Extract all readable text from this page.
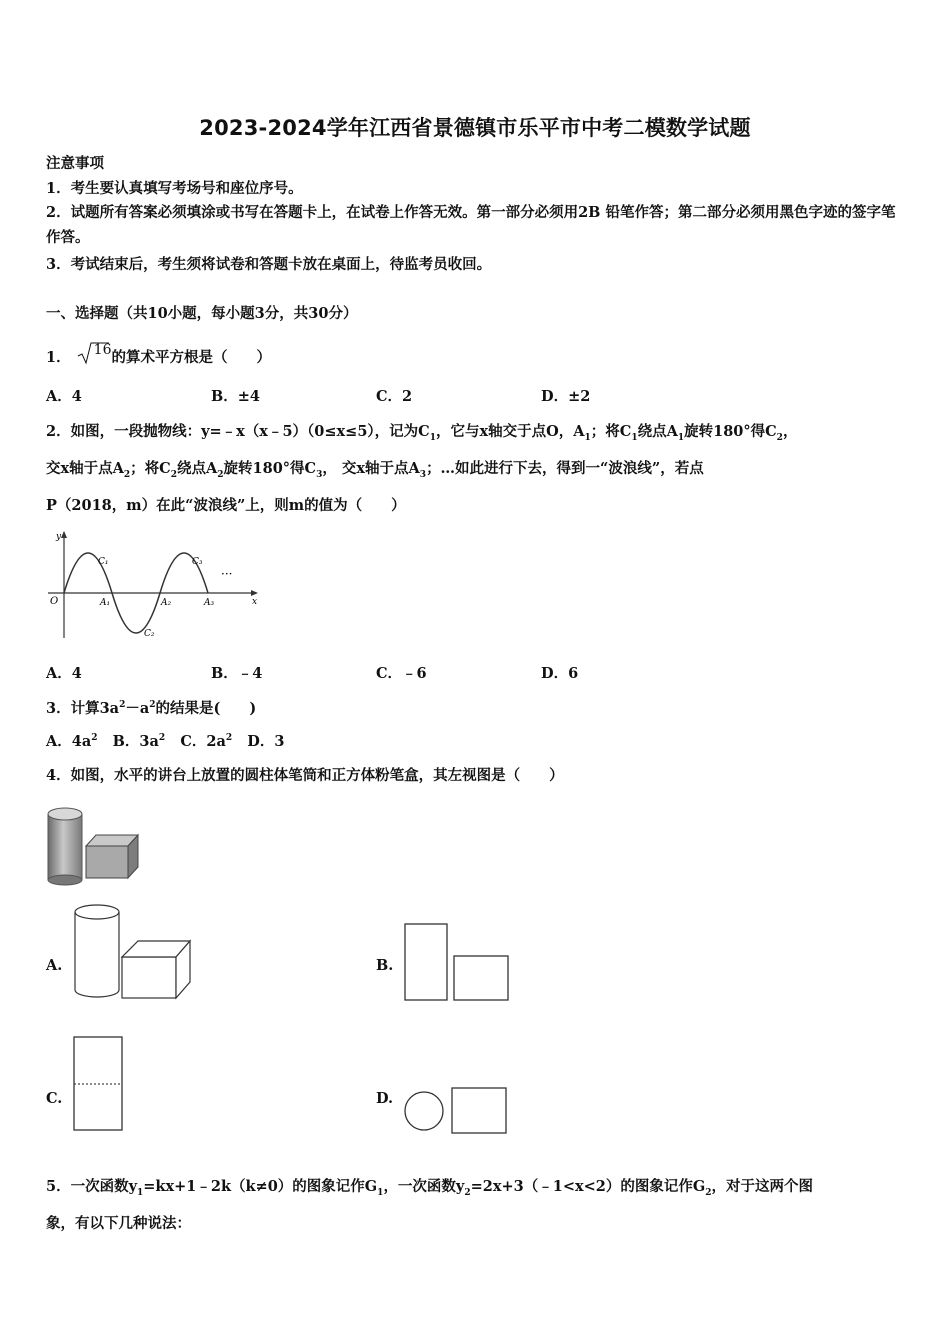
2023-2024学年江西省景德镇市乐平市中考二模数学试题
注意事项
1．考生要认真填写考场号和座位序号。
2．试题所有答案必须填涂或书写在答题卡上，在试卷上作答无效。第一部分必须用2B 铅笔作答；第二部分必须用黑色字迹的签字笔作答。
3．考试结束后，考生须将试卷和答题卡放在桌面上，待监考员收回。
一、选择题（共10小题，每小题3分，共30分）
1． 16的算术平方根是（　　）
A．4	B．±4	C．2	D．±2
2．如图，一段抛物线：y=﹣x（x﹣5）（0≤x≤5），记为$C_1$，它与x轴交于点O，$A_1$；将$C_1$绕点$A_1$旋转180°得$C_2$，
交x轴于点$A_2$；将$C_2$绕点$A_2$旋转180°得$C_3$， 交x轴于点$A_3$；…如此进行下去，得到一“波浪线”，若点
P（2018，m）在此“波浪线”上，则m的值为（　　）
y
x
O	A₁	A₂	A₃
C₁
C₂
C₃
···
A．4	B．﹣4	C．﹣6	D．6
3．计算$3a^2-a^2$的结果是(　　)
A．$4a^2$ B．$3a^2$ C．$2a^2$ D．3
4．如图，水平的讲台上放置的圆柱体笔筒和正方体粉笔盒，其左视图是（　　）
A.	B.
C.	D.
5．一次函数$y_1=kx+1﹣2k(k\ne 0)$的图象记作$G_1$，一次函数$y_2=2x+3(﹣1<x<2)$的图象记作$G_2$，对于这两个图
象，有以下几种说法：
